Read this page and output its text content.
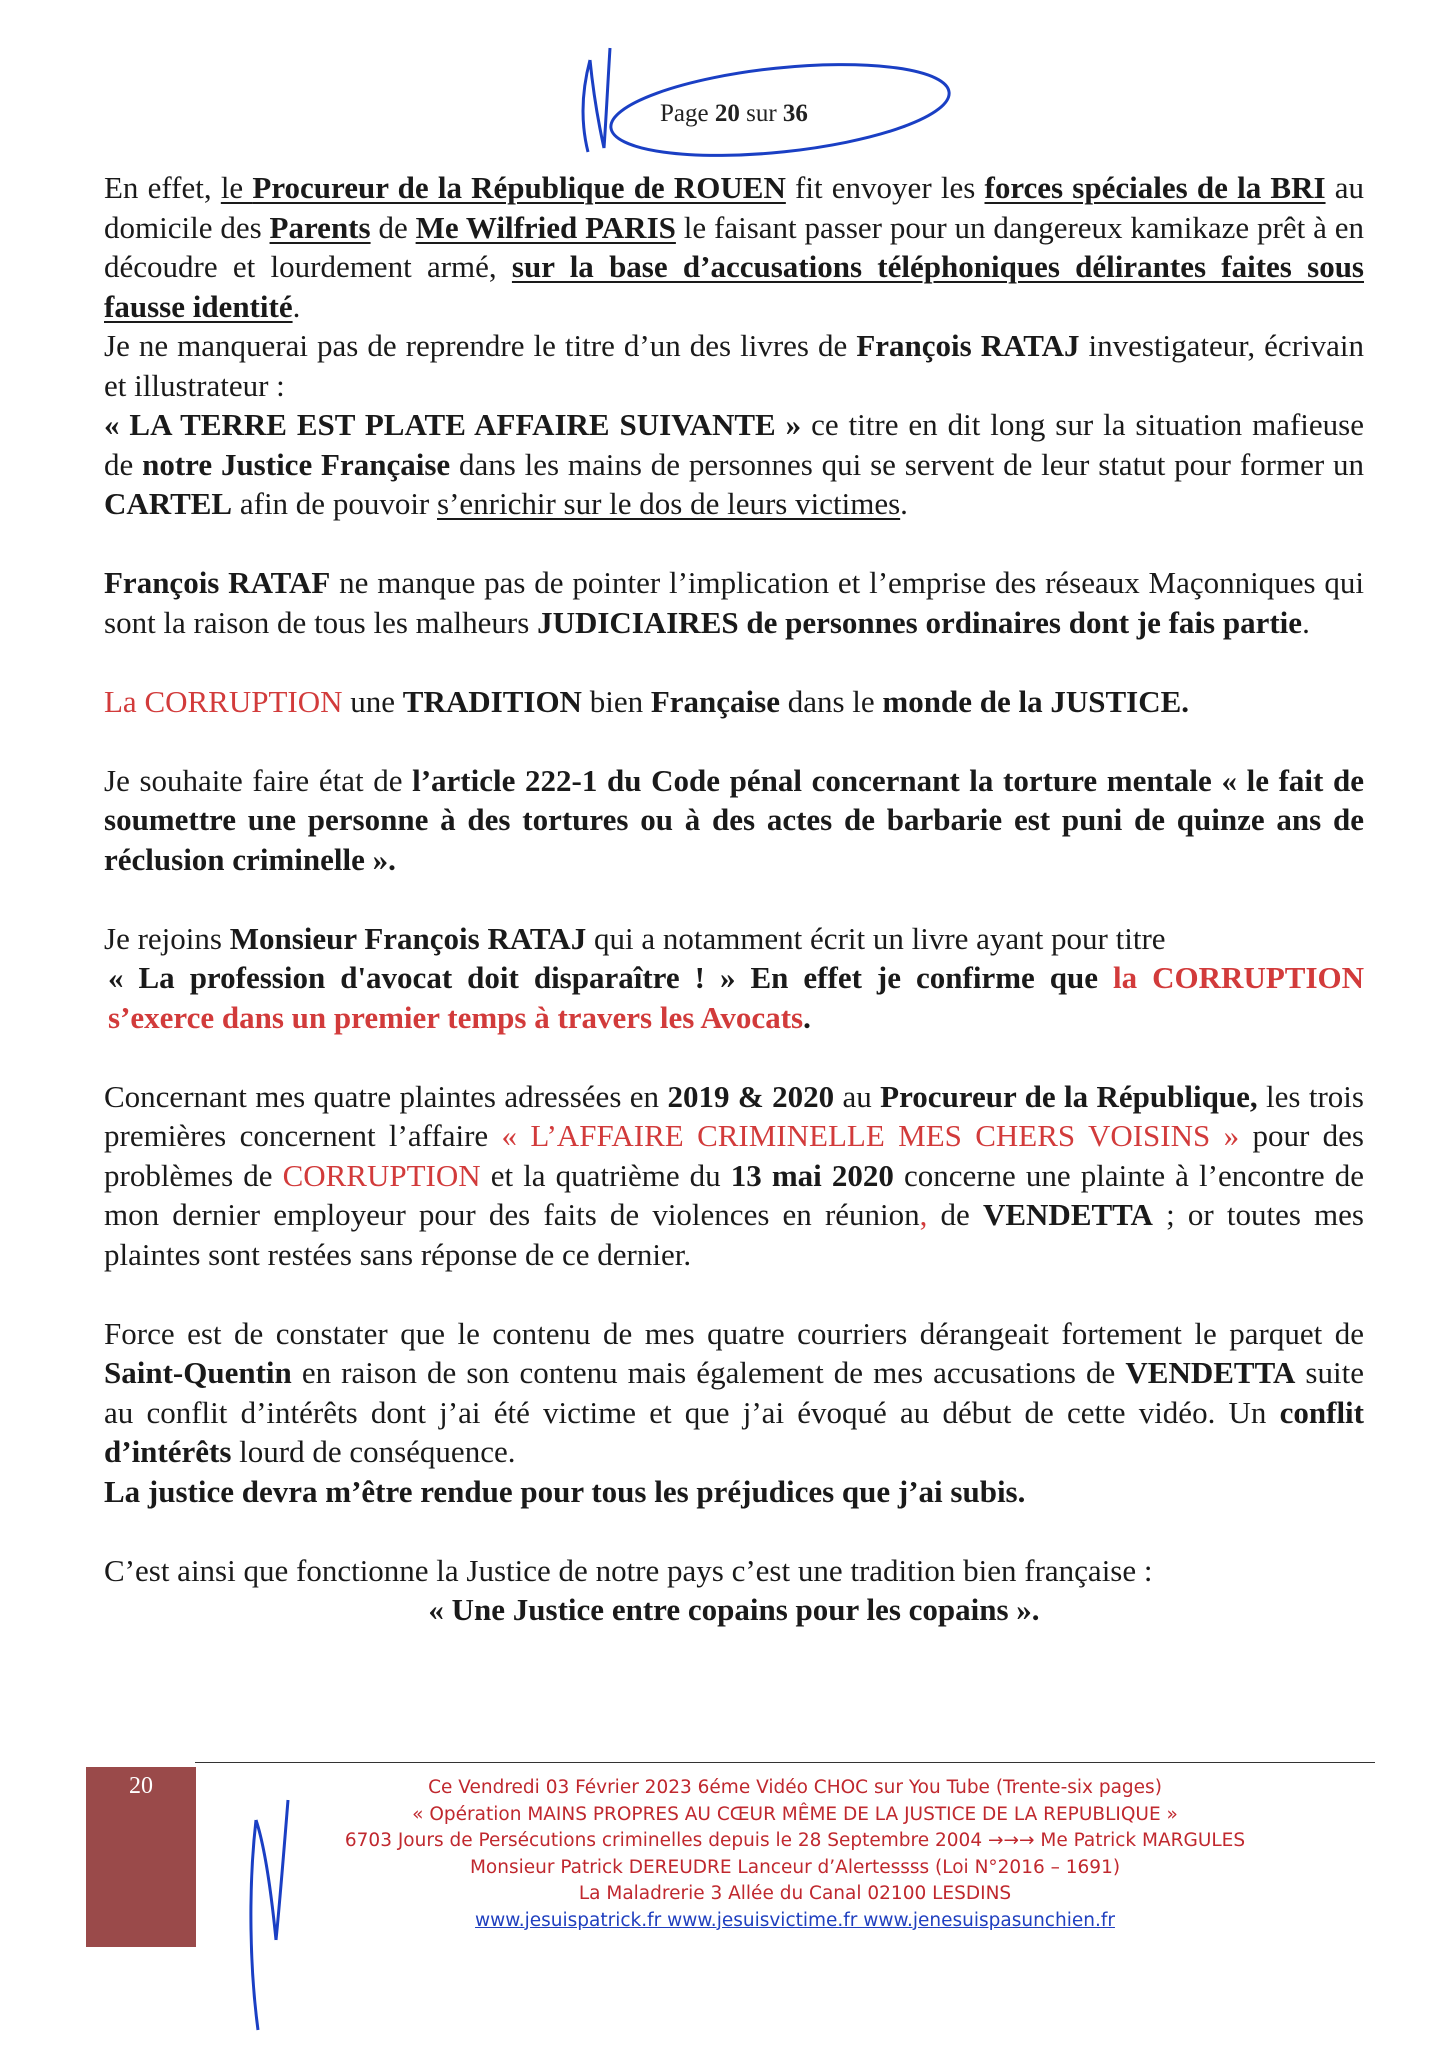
Page 20 sur 36

En effet, le Procureur de la République de ROUEN fit envoyer les forces spéciales de la BRI au domicile des Parents de Me Wilfried PARIS le faisant passer pour un dangereux kamikaze prêt à en découdre et lourdement armé, sur la base d’accusations téléphoniques délirantes faites sous fausse identité.

Je ne manquerai pas de reprendre le titre d’un des livres de François RATAJ investigateur, écrivain et illustrateur :

« LA TERRE EST PLATE AFFAIRE SUIVANTE » ce titre en dit long sur la situation mafieuse de notre Justice Française dans les mains de personnes qui se servent de leur statut pour former un CARTEL afin de pouvoir s’enrichir sur le dos de leurs victimes.

François RATAF ne manque pas de pointer l’implication et l’emprise des réseaux Maçonniques qui sont la raison de tous les malheurs JUDICIAIRES de personnes ordinaires dont je fais partie.

La CORRUPTION une TRADITION bien Française dans le monde de la JUSTICE.

Je souhaite faire état de l’article 222-1 du Code pénal concernant la torture mentale « le fait de soumettre une personne à des tortures ou à des actes de barbarie est puni de quinze ans de réclusion criminelle ».

Je rejoins Monsieur François RATAJ qui a notamment écrit un livre ayant pour titre

« La profession d'avocat doit disparaître ! » En effet je confirme que la CORRUPTION s’exerce dans un premier temps à travers les Avocats.

Concernant mes quatre plaintes adressées en 2019 & 2020 au Procureur de la République, les trois premières concernent l’affaire « L’AFFAIRE CRIMINELLE MES CHERS VOISINS » pour des problèmes de CORRUPTION et la quatrième du 13 mai 2020 concerne une plainte à l’encontre de mon dernier employeur pour des faits de violences en réunion, de VENDETTA ; or toutes mes plaintes sont restées sans réponse de ce dernier.

Force est de constater que le contenu de mes quatre courriers dérangeait fortement le parquet de Saint-Quentin en raison de son contenu mais également de mes accusations de VENDETTA suite au conflit d’intérêts dont j’ai été victime et que j’ai évoqué au début de cette vidéo. Un conflit d’intérêts lourd de conséquence.

La justice devra m’être rendue pour tous les préjudices que j’ai subis.

C’est ainsi que fonctionne la Justice de notre pays c’est une tradition bien française :

« Une Justice entre copains pour les copains ».

20	Ce Vendredi 03 Février 2023 6éme Vidéo CHOC sur You Tube (Trente-six pages)
« Opération MAINS PROPRES AU CŒUR MÊME DE LA JUSTICE DE LA REPUBLIQUE »
6703 Jours de Persécutions criminelles depuis le 28 Septembre 2004 →→→ Me Patrick MARGULES
Monsieur Patrick DEREUDRE Lanceur d’Alertessss (Loi N°2016 – 1691)
La Maladrerie 3 Allée du Canal 02100 LESDINS
www.jesuispatrick.fr www.jesuisvictime.fr www.jenesuispasunchien.fr
